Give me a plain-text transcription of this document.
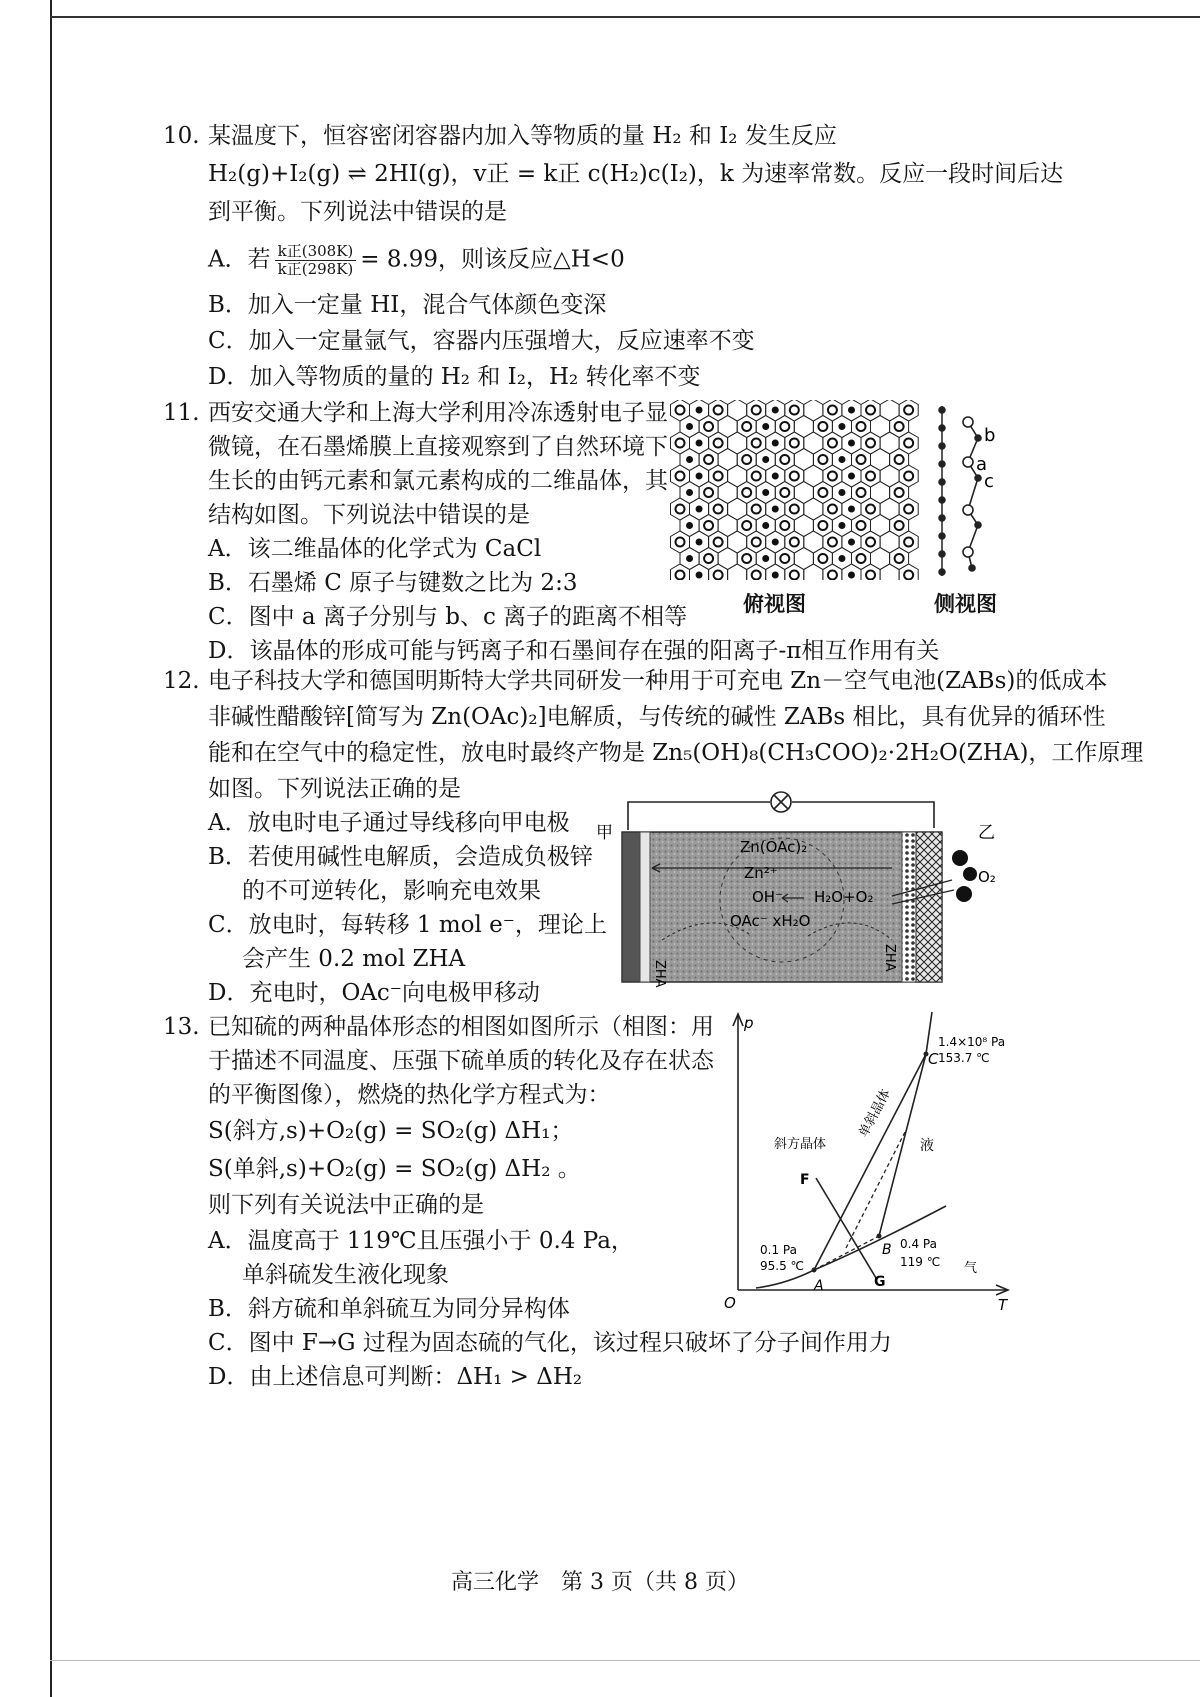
10. 某温度下，恒容密闭容器内加入等物质的量 H₂ 和 I₂ 发生反应
H₂(g)+I₂(g) ⇌ 2HI(g)，v正 = k正 c(H₂)c(I₂)，k 为速率常数。反应一段时间后达
到平衡。下列说法中错误的是
A．若 $\frac{\text{k正(308K)}}{\text{k正(298K)}} = 8.99$，则该反应△H<0
B．加入一定量 HI，混合气体颜色变深
C．加入一定量氩气，容器内压强增大，反应速率不变
D．加入等物质的量的 H₂ 和 I₂，H₂ 转化率不变
11. 西安交通大学和上海大学利用冷冻透射电子显
微镜，在石墨烯膜上直接观察到了自然环境下
生长的由钙元素和氯元素构成的二维晶体，其
结构如图。下列说法中错误的是
A．该二维晶体的化学式为 CaCl
B．石墨烯 C 原子与键数之比为 2:3
C．图中 a 离子分别与 b、c 离子的距离不相等
D．该晶体的形成可能与钙离子和石墨间存在强的阳离子-π相互作用有关
俯视图
b
a
c
侧视图
12. 电子科技大学和德国明斯特大学共同研发一种用于可充电 Zn－空气电池(ZABs)的低成本
非碱性醋酸锌[简写为 Zn(OAc)₂]电解质，与传统的碱性 ZABs 相比，具有优异的循环性
能和在空气中的稳定性，放电时最终产物是 Zn₅(OH)₈(CH₃COO)₂·2H₂O(ZHA)，工作原理
如图。下列说法正确的是
A．放电时电子通过导线移向甲电极
B．若使用碱性电解质，会造成负极锌
的不可逆转化，影响充电效果
C．放电时，每转移 1 mol e⁻，理论上
会产生 0.2 mol ZHA
D．充电时，OAc⁻向电极甲移动
甲	乙
Zn(OAc)₂
Zn²⁺
OH⁻ H₂O+O₂
OAc⁻ xH₂O
ZHA
ZHA
O₂
13. 已知硫的两种晶体形态的相图如图所示（相图：用
于描述不同温度、压强下硫单质的转化及存在状态
的平衡图像），燃烧的热化学方程式为：
S(斜方,s)+O₂(g) = SO₂(g) ΔH₁；
S(单斜,s)+O₂(g) = SO₂(g) ΔH₂ 。
则下列有关说法中正确的是
A．温度高于 119℃且压强小于 0.4 Pa，
单斜硫发生液化现象
B．斜方硫和单斜硫互为同分异构体
C．图中 F→G 过程为固态硫的气化，该过程只破坏了分子间作用力
D．由上述信息可判断：ΔH₁ > ΔH₂
p
T
O
C
1.4×10⁸ Pa
153.7 ℃
斜方晶体	液
单斜晶体
气
F
G
A
B
0.1 Pa
95.5 ℃
0.4 Pa
119 ℃
高三化学　第 3 页（共 8 页）
